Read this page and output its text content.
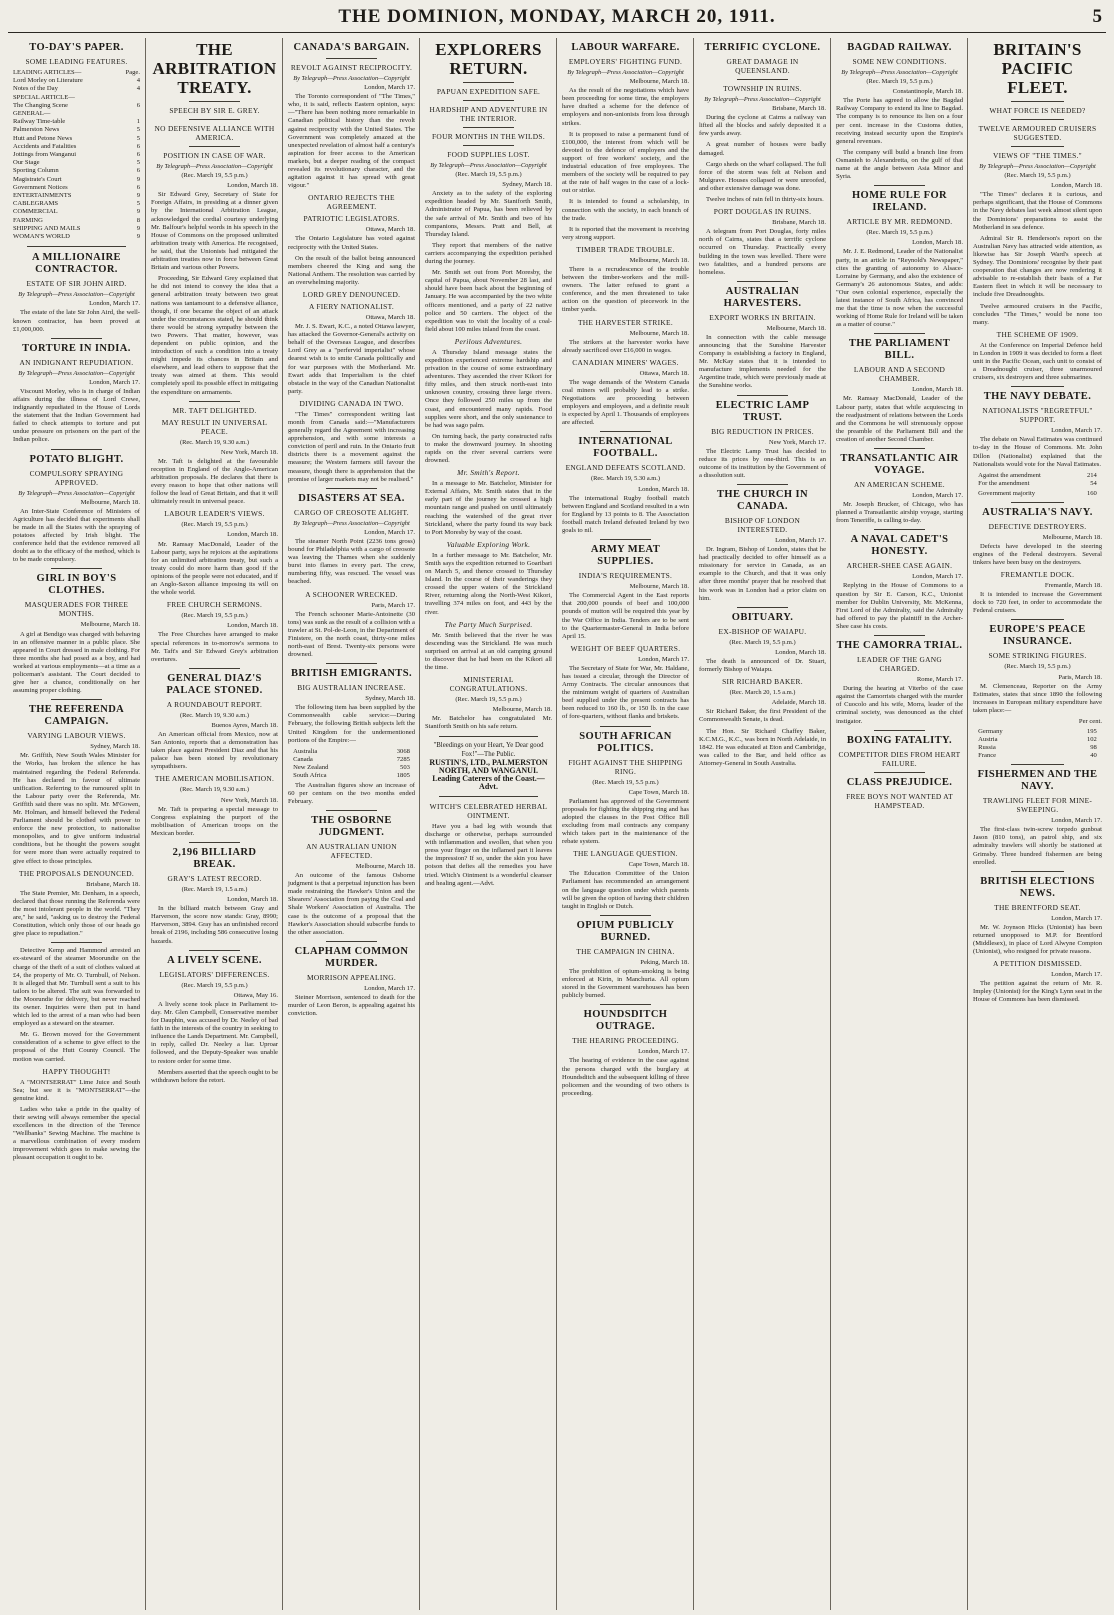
THE DOMINION, MONDAY, MARCH 20, 1911.	5
TO-DAY'S PAPER.
SOME LEADING FEATURES.
LEADING ARTICLES—	Page.
Lord Morley on Literature	4
Notes of the Day	4
SPECIAL ARTICLE—	
The Changing Scene	6
GENERAL—	
Railway Time-table	1
Palmerston News	5
Hutt and Petone News	5
Accidents and Fatalities	6
Jottings from Wanganui	6
Our Stage	5
Sporting Column	6
Magistrate's Court	9
Government Notices	6
ENTERTAINMENTS	9
CABLEGRAMS	5
COMMERCIAL	9
FARMING	8
SHIPPING AND MAILS	9
WOMAN'S WORLD	9
A MILLIONAIRE CONTRACTOR.
ESTATE OF SIR JOHN AIRD.
By Telegraph—Press Association—Copyright
London, March 17.

The estate of the late Sir John Aird, the well-known contractor, has been proved at £1,000,000.

TORTURE IN INDIA.
AN INDIGNANT REPUDIATION.
By Telegraph—Press Association—Copyright
London, March 17.

Viscount Morley, who is in charge of Indian affairs during the illness of Lord Crewe, indignantly repudiated in the House of Lords the statement that the Indian Government had failed to check attempts to torture and put undue pressure on prisoners on the part of the Indian police.

POTATO BLIGHT.
COMPULSORY SPRAYING APPROVED.
By Telegraph—Press Association—Copyright
Melbourne, March 18.

An Inter-State Conference of Ministers of Agriculture has decided that experiments shall be made in all the States with the spraying of potatoes affected by Irish blight. The conference held that the evidence removed all doubt as to the efficacy of the method, which is to be made compulsory.

GIRL IN BOY'S CLOTHES.
MASQUERADES FOR THREE MONTHS.
Melbourne, March 18.

A girl at Bendigo was charged with behaving in an offensive manner in a public place. She appeared in Court dressed in male clothing. For three months she had posed as a boy, and had worked at various employments—at a time as a policeman's assistant. The Court decided to give her a chance, conditionally on her assuming proper clothing.

THE REFERENDA CAMPAIGN.
VARYING LABOUR VIEWS.
Sydney, March 18.

Mr. Griffith, New South Wales Minister for the Works, has broken the silence he has maintained regarding the Federal Referenda. He has declared in favour of ultimate unification. Referring to the rumoured split in the Labour party over the Referenda, Mr. Griffith said there was no split. Mr. M'Gowen, Mr. Holman, and himself believed the Federal Parliament should be clothed with power to enforce the new protection, to nationalise monopolies, and to give uniform industrial conditions, but he thought the powers sought for were more than were actually required to give effect to those principles.

THE PROPOSALS DENOUNCED.
Brisbane, March 18.

The State Premier, Mr. Denham, in a speech, declared that those running the Referenda were the most intolerant people in the world. "They are," he said, "asking us to destroy the Federal Constitution, which only those of our heads go give place to repudiation."

Detective Kemp and Hammond arrested an ex-steward of the steamer Moorundie on the charge of the theft of a suit of clothes valued at £4, the property of Mr. O. Turnbull, of Nelson. It is alleged that Mr. Turnbull sent a suit to his tailors to be altered. The suit was forwarded to the Moorundie for delivery, but never reached its owner. Inquiries were then put in hand which led to the arrest of a man who had been employed as a steward on the steamer.

Mr. G. Brown moved for the Government consideration of a scheme to give effect to the proposal of the Hutt County Council. The motion was carried.

HAPPY THOUGHT!

A "MONTSERRAT" Lime Juice and South Sea; but see it is "MONTSERRAT"—the genuine kind.

Ladies who take a pride in the quality of their sewing will always remember the special excellences in the direction of the Terence "Wellbanks" Sewing Machine. The machine is a marvellous combination of every modern improvement which goes to make sewing the pleasant occupation it ought to be.

THE ARBITRATION TREATY.
SPEECH BY SIR E. GREY.
NO DEFENSIVE ALLIANCE WITH AMERICA.
POSITION IN CASE OF WAR.
By Telegraph—Press Association—Copyright
(Rec. March 19, 5.5 p.m.)
London, March 18.

Sir Edward Grey, Secretary of State for Foreign Affairs, in presiding at a dinner given by the International Arbitration League, acknowledged the cordial courtesy underlying Mr. Balfour's helpful words in his speech in the House of Commons on the proposed unlimited arbitration treaty with America. He recognised, he said, that the Unionists had mitigated the arbitration treaties now in force between Great Britain and various other Powers.

Proceeding, Sir Edward Grey explained that he did not intend to convey the idea that a general arbitration treaty between two great nations was tantamount to a defensive alliance, though, if one became the object of an attack under the circumstances stated, he should think there would be strong sympathy between the two Powers. That matter, however, was dependent on public opinion, and the introduction of such a condition into a treaty might impede its chances in Britain and elsewhere, and lead others to suppose that the treaty was aimed at them. This would completely spoil its possible effect in mitigating the expenditure on armaments.

MR. TAFT DELIGHTED.
MAY RESULT IN UNIVERSAL PEACE.
(Rec. March 19, 9.30 a.m.)
New York, March 18.

Mr. Taft is delighted at the favourable reception in England of the Anglo-American arbitration proposals. He declares that there is every reason to hope that other nations will follow the lead of Great Britain, and that it will ultimately result in universal peace.

LABOUR LEADER'S VIEWS.
(Rec. March 19, 5.5 p.m.)
London, March 18.

Mr. Ramsay MacDonald, Leader of the Labour party, says he rejoices at the aspirations for an unlimited arbitration treaty, but such a treaty could do more harm than good if the opinions of the people were not educated, and if an Anglo-Saxon alliance imposing its will on the whole world.

FREE CHURCH SERMONS.
(Rec. March 19, 5.5 p.m.)
London, March 18.

The Free Churches have arranged to make special references in to-morrow's sermons to Mr. Taft's and Sir Edward Grey's arbitration overtures.

GENERAL DIAZ'S PALACE STONED.
A ROUNDABOUT REPORT.
(Rec. March 19, 9.30 a.m.)
Buenos Ayres, March 18.

An American official from Mexico, now at San Antonio, reports that a demonstration has taken place against President Diaz and that his palace has been stoned by revolutionary sympathisers.

THE AMERICAN MOBILISATION.
(Rec. March 19, 9.30 a.m.)
New York, March 18.

Mr. Taft is preparing a special message to Congress explaining the purport of the mobilisation of American troops on the Mexican border.

2,196 BILLIARD BREAK.
GRAY'S LATEST RECORD.
(Rec. March 19, 1.5 a.m.)
London, March 18.

In the billiard match between Gray and Harverson, the score now stands: Gray, 8990; Harverson, 3894. Gray has an unfinished record break of 2196, including 586 consecutive losing hazards.

A LIVELY SCENE.
LEGISLATORS' DIFFERENCES.
(Rec. March 19, 5.5 p.m.)
Ottawa, May 16.

A lively scene took place in Parliament to-day. Mr. Glen Campbell, Conservative member for Dauphin, was accused by Dr. Neeley of bad faith in the interests of the country in seeking to influence the Lands Department. Mr. Campbell, in reply, called Dr. Neeley a liar. Uproar followed, and the Deputy-Speaker was unable to restore order for some time.

Members asserted that the speech ought to be withdrawn before the retort.

CANADA'S BARGAIN.
REVOLT AGAINST RECIPROCITY.
By Telegraph—Press Association—Copyright
London, March 17.

The Toronto correspondent of "The Times," who, it is said, reflects Eastern opinion, says:—"There has been nothing more remarkable in Canadian political history than the revolt against reciprocity with the United States. The Government was completely amazed at the unexpected revelation of almost half a century's aspiration for freer access to the American markets, but a deeper reading of the compact revealed its revolutionary character, and the agitation against it has spread with great vigour."

ONTARIO REJECTS THE AGREEMENT.
PATRIOTIC LEGISLATORS.
Ottawa, March 18.

The Ontario Legislature has voted against reciprocity with the United States.

On the result of the ballot being announced members cheered the King and sang the National Anthem. The resolution was carried by an overwhelming majority.

LORD GREY DENOUNCED.
A FIERY NATIONALIST.
Ottawa, March 18.

Mr. J. S. Ewart, K.C., a noted Ottawa lawyer, has attacked the Governor-General's activity on behalf of the Overseas League, and describes Lord Grey as a "perfervid imperialist" whose dearest wish is to smite Canada politically and for war purposes with the Motherland. Mr. Ewart adds that Imperialism is the chief obstacle in the way of the Canadian Nationalist party.

DIVIDING CANADA IN TWO.

"The Times" correspondent writing last month from Canada said:—"Manufacturers generally regard the Agreement with increasing apprehension, and with some interests a conviction of peril and ruin. In the Ontario fruit districts there is a movement against the measure; the Western farmers still favour the measure, though there is apprehension that the promise of larger markets may not be realised."

DISASTERS AT SEA.
CARGO OF CREOSOTE ALIGHT.
By Telegraph—Press Association—Copyright
London, March 17.

The steamer North Point (2236 tons gross) bound for Philadelphia with a cargo of creosote was leaving the Thames when she suddenly burst into flames in every part. The crew, numbering fifty, was rescued. The vessel was beached.

A SCHOONER WRECKED.
Paris, March 17.

The French schooner Marie-Antoinette (30 tons) was sunk as the result of a collision with a trawler at St. Pol-de-Leon, in the Department of Finistere, on the north coast, thirty-one miles north-east of Brest. Twenty-six persons were drowned.

BRITISH EMIGRANTS.
BIG AUSTRALIAN INCREASE.
Sydney, March 18.

The following item has been supplied by the Commonwealth cable service:—During February, the following British subjects left the United Kingdom for the undermentioned portions of the Empire:—

Australia	3068
Canada	7285
New Zealand	503
South Africa	1805

The Australian figures show an increase of 60 per centum on the two months ended February.

THE OSBORNE JUDGMENT.
AN AUSTRALIAN UNION AFFECTED.
Melbourne, March 18.

An outcome of the famous Osborne judgment is that a perpetual injunction has been made restraining the Hawker's Union and the Shearers' Association from paying the Coal and Shale Workers' Association of Australia. The case is the outcome of a proposal that the Hawker's Association should subscribe funds to the other association.

CLAPHAM COMMON MURDER.
MORRISON APPEALING.
London, March 17.

Steiner Morrison, sentenced to death for the murder of Leon Beron, is appealing against his conviction.

EXPLORERS RETURN.
PAPUAN EXPEDITION SAFE.
HARDSHIP AND ADVENTURE IN THE INTERIOR.
FOUR MONTHS IN THE WILDS.
FOOD SUPPLIES LOST.
By Telegraph—Press Association—Copyright
(Rec. March 19, 5.5 p.m.)
Sydney, March 18.

Anxiety as to the safety of the exploring expedition headed by Mr. Staniforth Smith, Administrator of Papua, has been relieved by the safe arrival of Mr. Smith and two of his companions, Messrs. Pratt and Bell, at Thursday Island.

They report that members of the native carriers accompanying the expedition perished during the journey.

Mr. Smith set out from Port Moresby, the capital of Papua, about November 28 last, and should have been back about the beginning of January. He was accompanied by the two white officers mentioned, and a party of 22 native police and 50 carriers. The object of the expedition was to visit the locality of a coal-field about 100 miles inland from the coast.

Perilous Adventures.

A Thursday Island message states the expedition experienced extreme hardship and privation in the course of some extraordinary adventures. They ascended the river Kikori for fifty miles, and then struck north-east into unknown country, crossing three large rivers. Once they followed 250 miles up from the coast, and encountered many rapids. Food supplies were short, and the only sustenance to be had was sago palm.

On turning back, the party constructed rafts to make the downward journey. In shooting rapids on the river several carriers were drowned.

Mr. Smith's Report.

In a message to Mr. Batchelor, Minister for External Affairs, Mr. Smith states that in the early part of the journey he crossed a high mountain range and pushed on until ultimately reaching the watershed of the great river Strickland, where the party found its way back to Port Moresby by way of the coast.

Valuable Exploring Work.

In a further message to Mr. Batchelor, Mr. Smith says the expedition returned to Goaribari on March 5, and thence crossed to Thursday Island. In the course of their wanderings they crossed the upper waters of the Strickland River, returning along the North-West Kikori, travelling 374 miles on foot, and 443 by the river.

The Party Much Surprised.

Mr. Smith believed that the river he was descending was the Strickland. He was much surprised on arrival at an old camping ground to discover that he had been on the Kikori all the time.

MINISTERIAL CONGRATULATIONS.
(Rec. March 19, 5.5 p.m.)
Melbourne, March 18.

Mr. Batchelor has congratulated Mr. Staniforth Smith on his safe return.

"Bleedings on your Heart, Ye Dear good Fox!"—The Public.
RUSTIN'S, LTD., PALMERSTON NORTH, AND WANGANUI. Leading Caterers of the Coast.—Advt.
WITCH'S CELEBRATED HERBAL OINTMENT.

Have you a bad leg with wounds that discharge or otherwise, perhaps surrounded with inflammation and swollen, that when you press your finger on the inflamed part it leaves the impression? If so, under the skin you have poison that defies all the remedies you have tried. Witch's Ointment is a wonderful cleanser and healing agent.—Advt.

LABOUR WARFARE.
EMPLOYERS' FIGHTING FUND.
By Telegraph—Press Association—Copyright
Melbourne, March 18.

As the result of the negotiations which have been proceeding for some time, the employers have drafted a scheme for the defence of employers and non-unionists from loss through strikes.

It is proposed to raise a permanent fund of £100,000, the interest from which will be devoted to the defence of employers and the support of free workers' society, and the industrial education of free employees. The members of the society will be required to pay at the rate of half wages in the case of a lock-out or strike.

It is intended to found a scholarship, in connection with the society, in each branch of the trade.

It is reported that the movement is receiving very strong support.

TIMBER TRADE TROUBLE.
Melbourne, March 18.

There is a recrudescence of the trouble between the timber-workers and the mill-owners. The latter refused to grant a conference, and the men threatened to take action on the question of piecework in the timber yards.

THE HARVESTER STRIKE.
Melbourne, March 18.

The strikers at the harvester works have already sacrificed over £16,000 in wages.

CANADIAN MINERS' WAGES.
Ottawa, March 18.

The wage demands of the Western Canada coal miners will probably lead to a strike. Negotiations are proceeding between employers and employees, and a definite result is expected by April 1. Thousands of employees are affected.

INTERNATIONAL FOOTBALL.
ENGLAND DEFEATS SCOTLAND.
(Rec. March 19, 5.30 a.m.)
London, March 18.

The international Rugby football match between England and Scotland resulted in a win for England by 13 points to 8. The Association football match Ireland defeated Ireland by two goals to nil.

ARMY MEAT SUPPLIES.
INDIA'S REQUIREMENTS.
Melbourne, March 18.

The Commercial Agent in the East reports that 200,000 pounds of beef and 100,000 pounds of mutton will be required this year by the War Office in India. Tenders are to be sent to the Quartermaster-General in India before April 15.

WEIGHT OF BEEF QUARTERS.
London, March 17.

The Secretary of State for War, Mr. Haldane, has issued a circular, through the Director of Army Contracts. The circular announces that the minimum weight of quarters of Australian beef supplied under the present contracts has been reduced to 160 lb., or 150 lb. in the case of fore-quarters, without flanks and briskets.

SOUTH AFRICAN POLITICS.
FIGHT AGAINST THE SHIPPING RING.
(Rec. March 19, 5.5 p.m.)
Cape Town, March 18.

Parliament has approved of the Government proposals for fighting the shipping ring and has adopted the clauses in the Post Office Bill excluding from mail contracts any company which takes part in the maintenance of the rebate system.

THE LANGUAGE QUESTION.
Cape Town, March 18.

The Education Committee of the Union Parliament has recommended an arrangement on the language question under which parents will be given the option of having their children taught in English or Dutch.

OPIUM PUBLICLY BURNED.
THE CAMPAIGN IN CHINA.
Peking, March 18.

The prohibition of opium-smoking is being enforced at Kirin, in Manchuria. All opium stored in the Government warehouses has been publicly burned.

HOUNDSDITCH OUTRAGE.
THE HEARING PROCEEDING.
London, March 17.

The hearing of evidence in the case against the persons charged with the burglary at Houndsditch and the subsequent killing of three policemen and the wounding of two others is proceeding.

TERRIFIC CYCLONE.
GREAT DAMAGE IN QUEENSLAND.
TOWNSHIP IN RUINS.
By Telegraph—Press Association—Copyright
Brisbane, March 18.

During the cyclone at Cairns a railway van lifted all the blocks and safely deposited it a few yards away.

A great number of houses were badly damaged.

Cargo sheds on the wharf collapsed. The full force of the storm was felt at Nelson and Mulgrave. Houses collapsed or were unroofed, and other extensive damage was done.

Twelve inches of rain fell in thirty-six hours.

PORT DOUGLAS IN RUINS.
Brisbane, March 18.

A telegram from Port Douglas, forty miles north of Cairns, states that a terrific cyclone occurred on Thursday. Practically every building in the town was levelled. There were two fatalities, and a hundred persons are homeless.

AUSTRALIAN HARVESTERS.
EXPORT WORKS IN BRITAIN.
Melbourne, March 18.

In connection with the cable message announcing that the Sunshine Harvester Company is establishing a factory in England, Mr. McKay states that it is intended to manufacture implements needed for the Argentine trade, which were previously made at the Sunshine works.

ELECTRIC LAMP TRUST.
BIG REDUCTION IN PRICES.
New York, March 17.

The Electric Lamp Trust has decided to reduce its prices by one-third. This is an outcome of its institution by the Government of a dissolution suit.

THE CHURCH IN CANADA.
BISHOP OF LONDON INTERESTED.
London, March 17.

Dr. Ingram, Bishop of London, states that he had practically decided to offer himself as a missionary for service in Canada, as an example to the Church, and that it was only after three months' prayer that he resolved that his work was in London had a prior claim on him.

OBITUARY.
EX-BISHOP OF WAIAPU.
(Rec. March 19, 5.5 p.m.)
London, March 18.

The death is announced of Dr. Stuart, formerly Bishop of Waiapu.

SIR RICHARD BAKER.
(Rec. March 20, 1.5 a.m.)
Adelaide, March 18.

Sir Richard Baker, the first President of the Commonwealth Senate, is dead.

The Hon. Sir Richard Chaffey Baker, K.C.M.G., K.C., was born in North Adelaide, in 1842. He was educated at Eton and Cambridge, was called to the Bar, and held office as Attorney-General in South Australia.

BAGDAD RAILWAY.
SOME NEW CONDITIONS.
By Telegraph—Press Association—Copyright
(Rec. March 19, 5.5 p.m.)
Constantinople, March 18.

The Porte has agreed to allow the Bagdad Railway Company to extend its line to Bagdad. The company is to renounce its lien on a four per cent. increase in the Customs duties, receiving instead security upon the Empire's general revenues.

The company will build a branch line from Osmanieh to Alexandretta, on the gulf of that name at the angle between Asia Minor and Syria.

HOME RULE FOR IRELAND.
ARTICLE BY MR. REDMOND.
(Rec. March 19, 5.5 p.m.)
London, March 18.

Mr. J. E. Redmond, Leader of the Nationalist party, in an article in "Reynold's Newspaper," cites the granting of autonomy to Alsace-Lorraine by Germany, and also the existence of Germany's 26 autonomous States, and adds: "Our own colonial experience, especially the latest instance of South Africa, has convinced me that the time is now when the successful working of Home Rule for Ireland will be taken as a matter of course."

THE PARLIAMENT BILL.
LABOUR AND A SECOND CHAMBER.
London, March 18.

Mr. Ramsay MacDonald, Leader of the Labour party, states that while acquiescing in the readjustment of relations between the Lords and the Commons he will strenuously oppose the preamble of the Parliament Bill and the creation of another Second Chamber.

TRANSATLANTIC AIR VOYAGE.
AN AMERICAN SCHEME.
London, March 17.

Mr. Joseph Brucker, of Chicago, who has planned a Transatlantic airship voyage, starting from Teneriffe, is calling to-day.

A NAVAL CADET'S HONESTY.
ARCHER-SHEE CASE AGAIN.
London, March 17.

Replying in the House of Commons to a question by Sir E. Carson, K.C., Unionist member for Dublin University, Mr. McKenna, First Lord of the Admiralty, said the Admiralty had offered to pay the plaintiff in the Archer-Shee case his costs.

THE CAMORRA TRIAL.
LEADER OF THE GANG CHARGED.
Rome, March 17.

During the hearing at Viterbo of the case against the Camorrists charged with the murder of Cuocolo and his wife, Morra, leader of the criminal society, was denounced as the chief instigator.

BOXING FATALITY.
COMPETITOR DIES FROM HEART FAILURE.
CLASS PREJUDICE.
FREE BOYS NOT WANTED AT HAMPSTEAD.
BRITAIN'S PACIFIC FLEET.
WHAT FORCE IS NEEDED?
TWELVE ARMOURED CRUISERS SUGGESTED.
VIEWS OF "THE TIMES."
By Telegraph—Press Association—Copyright
(Rec. March 19, 5.5 p.m.)
London, March 18.

"The Times" declares it is curious, and perhaps significant, that the House of Commons in the Navy debates last week almost silent upon the Dominions' preparations to assist the Motherland in sea defence.

Admiral Sir R. Henderson's report on the Australian Navy has attracted wide attention, as likewise has Sir Joseph Ward's speech at Sydney. The Dominions' recognise by their past cooperation that changes are now rendering it advisable to re-establish their basis of a Far Eastern fleet in which it will be necessary to include five Dreadnoughts.

Twelve armoured cruisers in the Pacific, concludes "The Times," would be none too many.

THE SCHEME OF 1909.

At the Conference on Imperial Defence held in London in 1909 it was decided to form a fleet unit in the Pacific Ocean, each unit to consist of a Dreadnought cruiser, three unarmoured cruisers, six destroyers and three submarines.

THE NAVY DEBATE.
NATIONALISTS "REGRETFUL" SUPPORT.
London, March 17.

The debate on Naval Estimates was continued to-day in the House of Commons. Mr. John Dillon (Nationalist) explained that the Nationalists would vote for the Naval Estimates.

Against the amendment	214
For the amendment	54
Government majority	160
AUSTRALIA'S NAVY.
DEFECTIVE DESTROYERS.
Melbourne, March 18.

Defects have developed in the steering engines of the Federal destroyers. Several tinkers have been busy on the destroyers.

FREMANTLE DOCK.
Fremantle, March 18.

It is intended to increase the Government dock to 720 feet, in order to accommodate the Federal cruisers.

EUROPE'S PEACE INSURANCE.
SOME STRIKING FIGURES.
(Rec. March 19, 5.5 p.m.)
Paris, March 18.

M. Clemenceau, Reporter on the Army Estimates, states that since 1890 the following increases in European military expenditure have taken place:—

Per cent.
Germany	195
Austria	102
Russia	98
France	40
FISHERMEN AND THE NAVY.
TRAWLING FLEET FOR MINE-SWEEPING.
London, March 17.

The first-class twin-screw torpedo gunboat Jason (810 tons), an patrol ship, and six admiralty trawlers will shortly be stationed at Grimsby. Three hundred fishermen are being enrolled.

BRITISH ELECTIONS NEWS.
THE BRENTFORD SEAT.
London, March 17.

Mr. W. Joynson Hicks (Unionist) has been returned unopposed to M.P. for Brentford (Middlesex), in place of Lord Alwyne Compton (Unionist), who resigned for private reasons.

A PETITION DISMISSED.
London, March 17.

The petition against the return of Mr. R. Impley (Unionist) for the King's Lynn seat in the House of Commons has been dismissed.
